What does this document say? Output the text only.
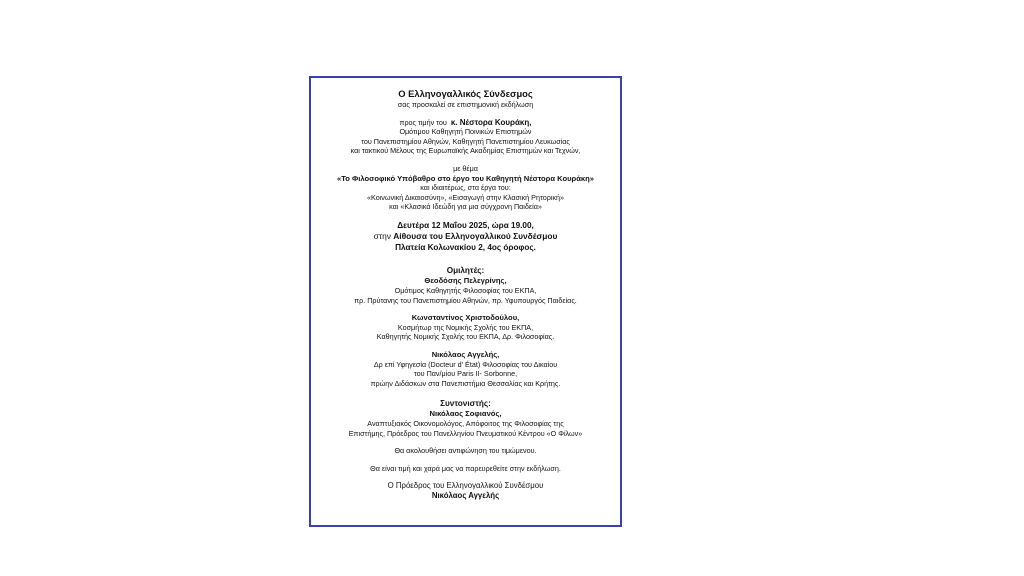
Ο Ελληνογαλλικός Σύνδεσμος
σας προσκαλεί σε επιστημονική εκδήλωση
προς τιμήν του κ. Νέστορα Κουράκη,
Ομότιμου Καθηγητή Ποινικών Επιστημών
του Πανεπιστημίου Αθηνών, Καθηγητή Πανεπιστημίου Λευκωσίας
και τακτικού Μέλους της Ευρωπαϊκής Ακαδημίας Επιστημών και Τεχνών,
με θέμα
«Το Φιλοσοφικό Υπόβαθρο στο έργο του Καθηγητή Νέστορα Κουράκη»
και ιδιαιτέρως, στα έργα του:
«Κοινωνική Δικαιοσύνη», «Εισαγωγή στην Κλασική Ρητορική»
και «Κλασικά Ιδεώδη για μια σύγχρονη Παιδεία»
Δευτέρα 12 Μαΐου 2025, ώρα 19.00,
στην Αίθουσα του Ελληνογαλλικού Συνδέσμου
Πλατεία Κολωνακίου 2, 4ος όροφος.
Ομιλητές:
Θεοδόσης Πελεγρίνης,
Ομότιμος Καθηγητής Φιλοσοφίας του ΕΚΠΑ,
πρ. Πρύτανης του Πανεπιστημίου Αθηνών, πρ. Υφυπουργός Παιδείας.
Κωνσταντίνος Χριστοδούλου,
Κοσμήτωρ της Νομικής Σχολής του ΕΚΠΑ,
Καθηγητής Νομικής Σχολής του ΕΚΠΑ, Δρ. Φιλοσοφίας.
Νικόλαος Αγγελής,
Δρ επί Υφηγεσία (Docteur d' État) Φιλοσοφίας του Δικαίου
του Παν/μίου Paris II- Sorbonne,
πρώην Διδάσκων στα Πανεπιστήμια Θεσσαλίας και Κρήτης.
Συντονιστής:
Νικόλαος Σοφιανός,
Αναπτυξιακός Οικονομολόγος, Απόφοιτος της Φιλοσοφίας της
Επιστήμης, Πρόεδρος του Πανελληνίου Πνευματικού Κέντρου «Ο Φίλων»
Θα ακολουθήσει αντιφώνηση του τιμώμενου.
Θα είναι τιμή και χαρά μας να παρευρεθείτε στην εκδήλωση.
Ο Πρόεδρος του Ελληνογαλλικού Συνδέσμου
Νικόλαος Αγγελής
